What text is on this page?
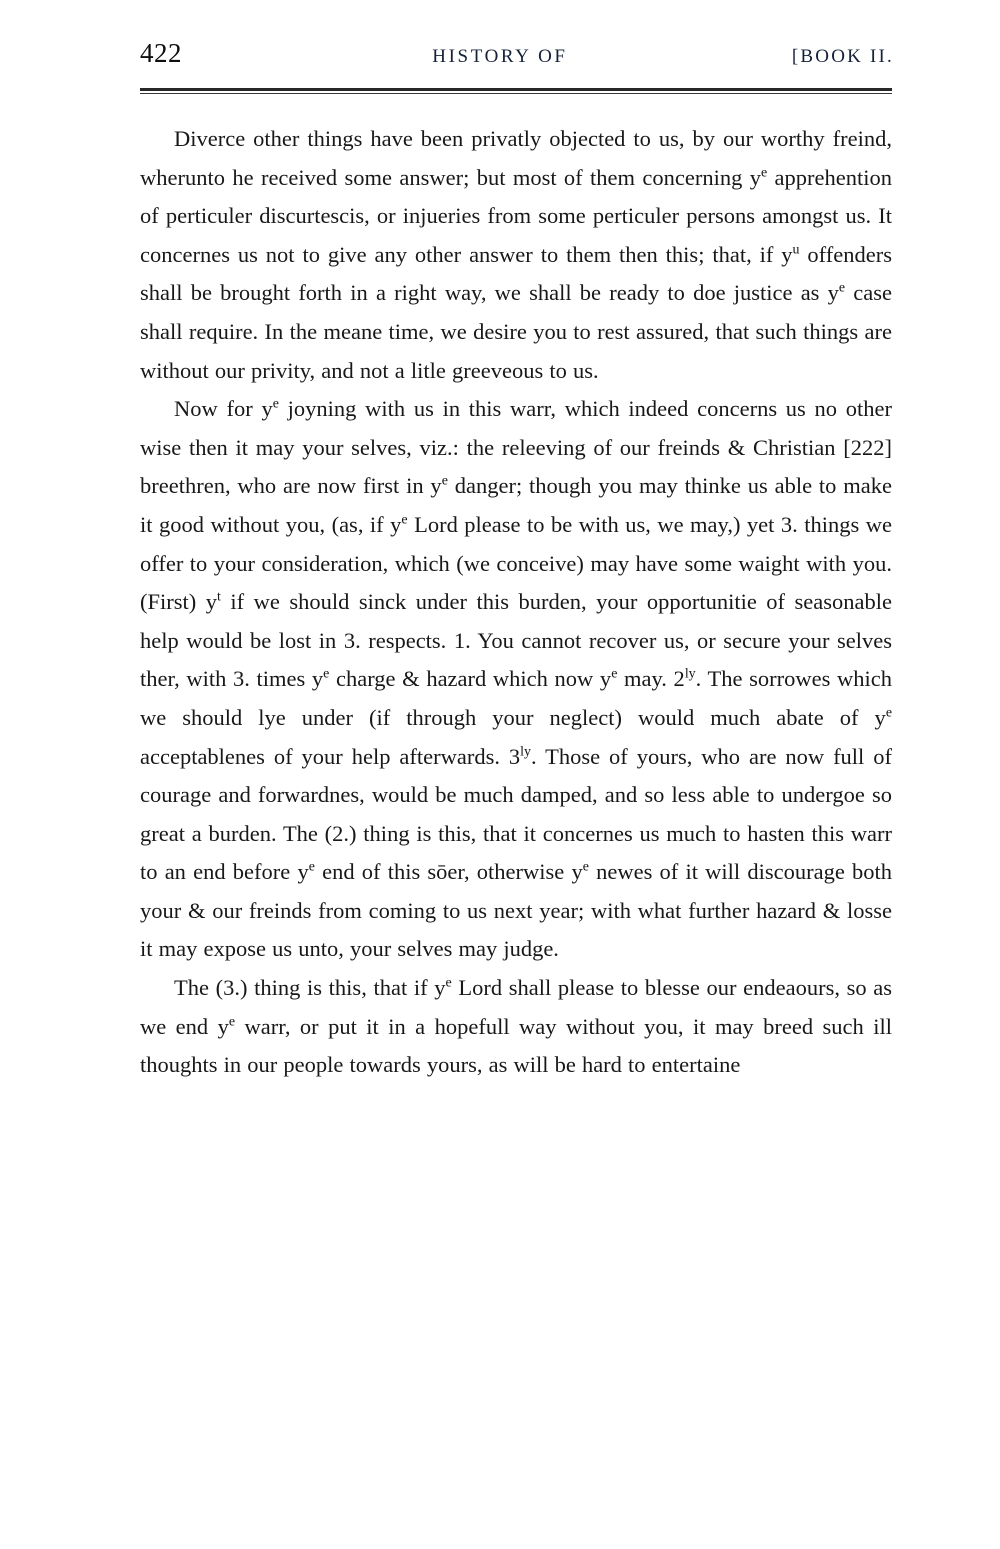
422	HISTORY OF	[BOOK II.

Diverce other things have been privatly objected to us, by our worthy freind, wherunto he received some answer; but most of them concerning $y^e$ apprehention of perticuler discurtescis, or injueries from some perticuler persons amongst us. It concernes us not to give any other answer to them then this; that, if $y^u$ offenders shall be brought forth in a right way, we shall be ready to doe justice as $y^e$ case shall require. In the meane time, we desire you to rest assured, that such things are without our privity, and not a litle greeveous to us.

Now for $y^e$ joyning with us in this warr, which indeed concerns us no other wise then it may your selves, viz.: the releeving of our freinds & Christian [222] breethren, who are now first in $y^e$ danger; though you may thinke us able to make it good without you, (as, if $y^e$ Lord please to be with us, we may,) yet 3. things we offer to your consideration, which (we conceive) may have some waight with you. (First) $y^t$ if we should sinck under this burden, your opportunitie of seasonable help would be lost in 3. respects. 1. You cannot recover us, or secure your selves ther, with 3. times $y^e$ charge & hazard which now $y^e$ may. $2^{ly}$. The sorrowes which we should lye under (if through your neglect) would much abate of $y^e$ acceptablenes of your help afterwards. $3^{ly}$. Those of yours, who are now full of courage and forwardnes, would be much damped, and so less able to undergoe so great a burden. The (2.) thing is this, that it concernes us much to hasten this warr to an end before $y^e$ end of this sōer, otherwise $y^e$ newes of it will discourage both your & our freinds from coming to us next year; with what further hazard & losse it may expose us unto, your selves may judge.

The (3.) thing is this, that if $y^e$ Lord shall please to blesse our endeaours, so as we end $y^e$ warr, or put it in a hopefull way without you, it may breed such ill thoughts in our people towards yours, as will be hard to entertaine
